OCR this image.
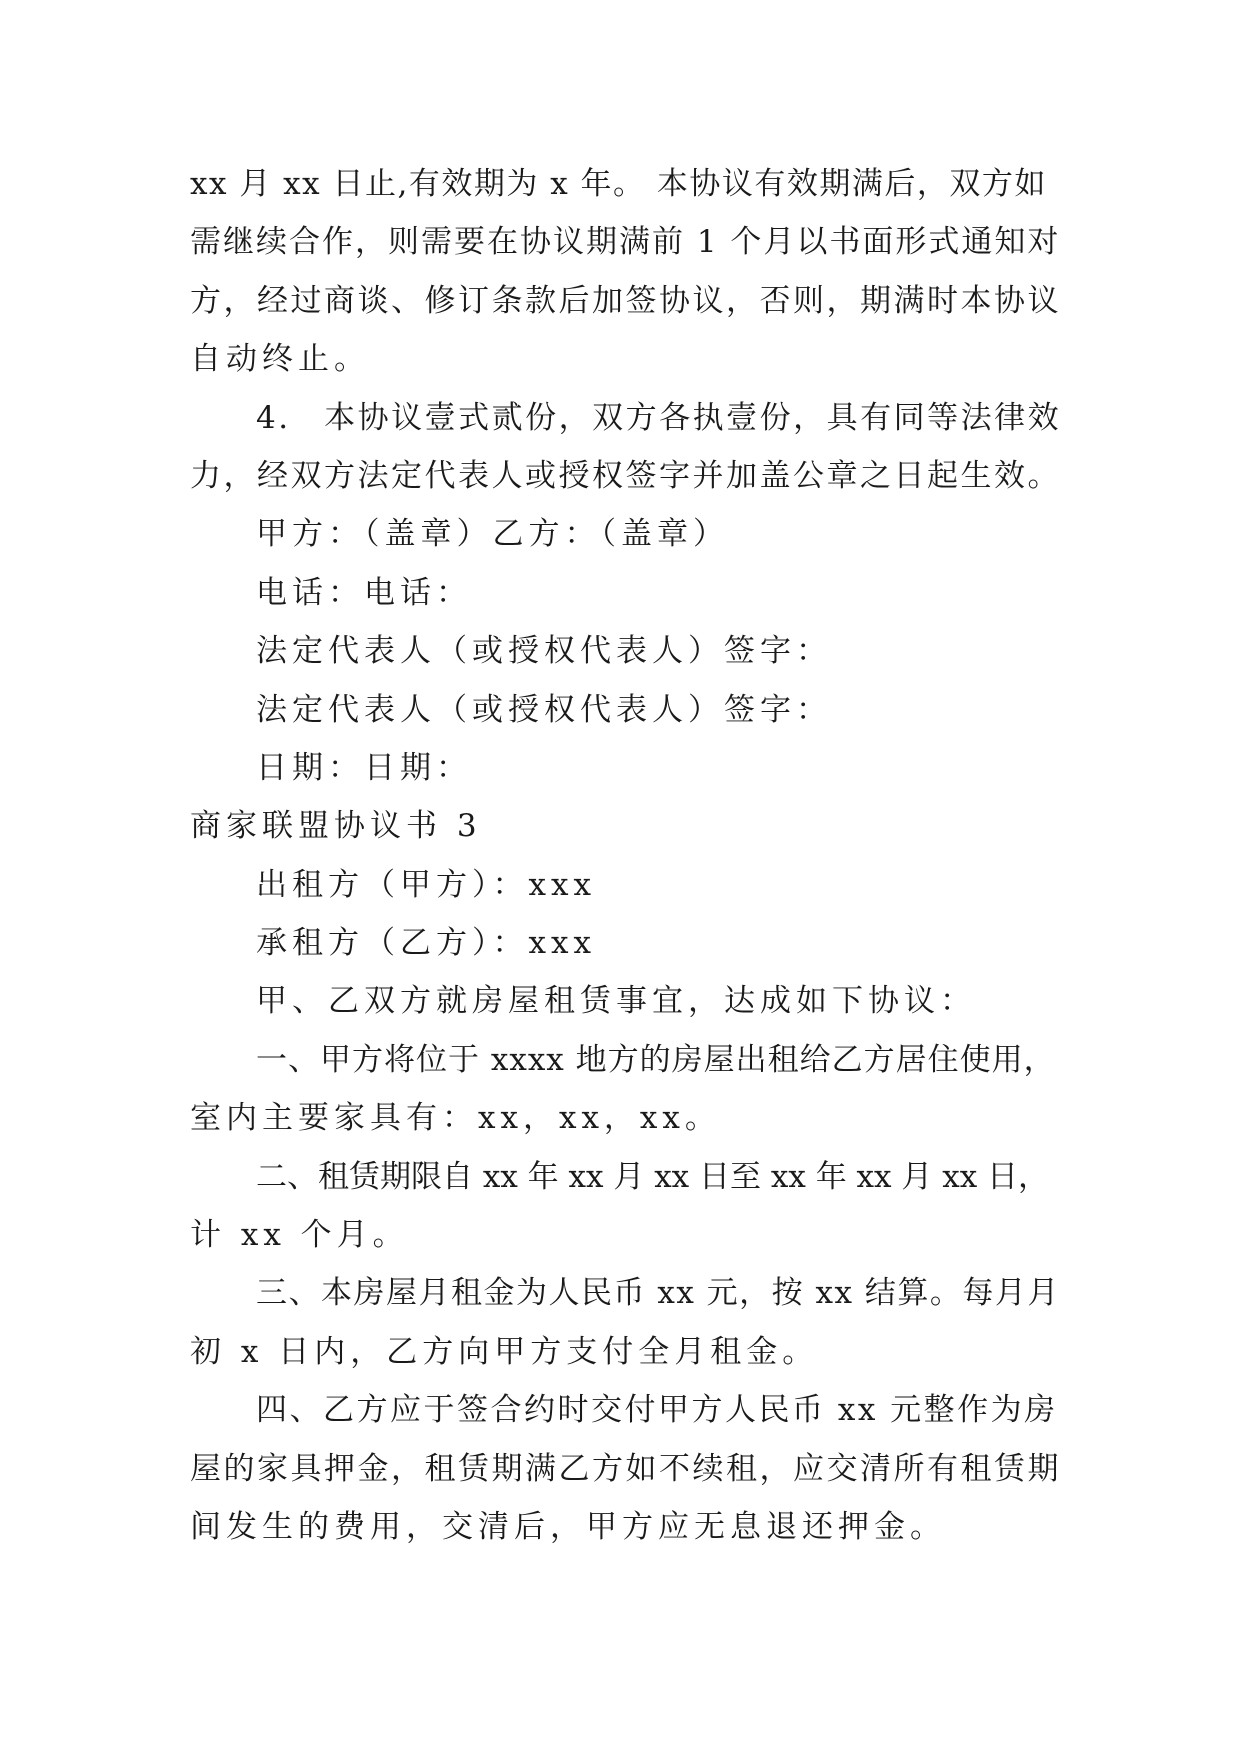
xx 月 xx 日止,有效期为 x 年。 本协议有效期满后，双方如
需继续合作，则需要在协议期满前 1 个月以书面形式通知对
方，经过商谈、修订条款后加签协议，否则，期满时本协议
自动终止。
4.　本协议壹式贰份，双方各执壹份，具有同等法律效
力，经双方法定代表人或授权签字并加盖公章之日起生效。
甲方：（盖章）乙方：（盖章）
电话：电话：
法定代表人（或授权代表人）签字：
法定代表人（或授权代表人）签字：
日期：日期：
商家联盟协议书 3
出租方（甲方）：xxx
承租方（乙方）：xxx
甲、乙双方就房屋租赁事宜，达成如下协议：
一、甲方将位于 xxxx 地方的房屋出租给乙方居住使用，
室内主要家具有：xx，xx，xx。
二、租赁期限自 xx 年 xx 月 xx 日至 xx 年 xx 月 xx 日，
计 xx 个月。
三、本房屋月租金为人民币 xx 元，按 xx 结算。每月月
初 x 日内，乙方向甲方支付全月租金。
四、乙方应于签合约时交付甲方人民币 xx 元整作为房
屋的家具押金，租赁期满乙方如不续租，应交清所有租赁期
间发生的费用，交清后，甲方应无息退还押金。
